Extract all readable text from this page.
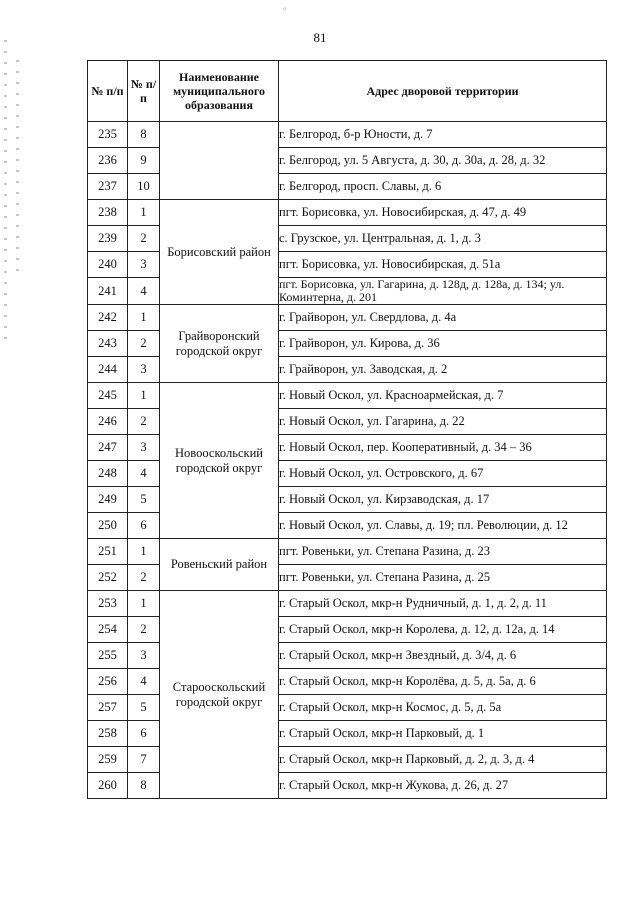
°
81
№ п/п	№ п/п	Наименование муниципального образования	Адрес дворовой территории
235	8		г. Белгород, б-р Юности, д. 7
236	9		г. Белгород, ул. 5 Августа, д. 30, д. 30а, д. 28, д. 32
237	10		г. Белгород, просп. Славы, д. 6
238	1	Борисовский район	пгт. Борисовка, ул. Новосибирская, д. 47, д. 49
239	2		с. Грузское, ул. Центральная, д. 1, д. 3
240	3		пгт. Борисовка, ул. Новосибирская, д. 51а
241	4		пгт. Борисовка, ул. Гагарина, д. 128д, д. 128а, д. 134; ул. Коминтерна, д. 201
242	1	Грайворонский городской округ	г. Грайворон, ул. Свердлова, д. 4а
243	2		г. Грайворон, ул. Кирова, д. 36
244	3		г. Грайворон, ул. Заводская, д. 2
245	1	Новооскольский городской округ	г. Новый Оскол, ул. Красноармейская, д. 7
246	2		г. Новый Оскол, ул. Гагарина, д. 22
247	3		г. Новый Оскол, пер. Кооперативный, д. 34 – 36
248	4		г. Новый Оскол, ул. Островского, д. 67
249	5		г. Новый Оскол, ул. Кирзаводская, д. 17
250	6		г. Новый Оскол, ул. Славы, д. 19; пл. Революции, д. 12
251	1	Ровеньский район	пгт. Ровеньки, ул. Степана Разина, д. 23
252	2		пгт. Ровеньки, ул. Степана Разина, д. 25
253	1	Старооскольский городской округ	г. Старый Оскол, мкр-н Рудничный, д. 1, д. 2, д. 11
254	2		г. Старый Оскол, мкр-н Королева, д. 12, д. 12а, д. 14
255	3		г. Старый Оскол, мкр-н Звездный, д. 3/4, д. 6
256	4		г. Старый Оскол, мкр-н Королёва, д. 5, д. 5а, д. 6
257	5		г. Старый Оскол, мкр-н Космос, д. 5, д. 5а
258	6		г. Старый Оскол, мкр-н Парковый, д. 1
259	7		г. Старый Оскол, мкр-н Парковый, д. 2, д. 3, д. 4
260	8		г. Старый Оскол, мкр-н Жукова, д. 26, д. 27
